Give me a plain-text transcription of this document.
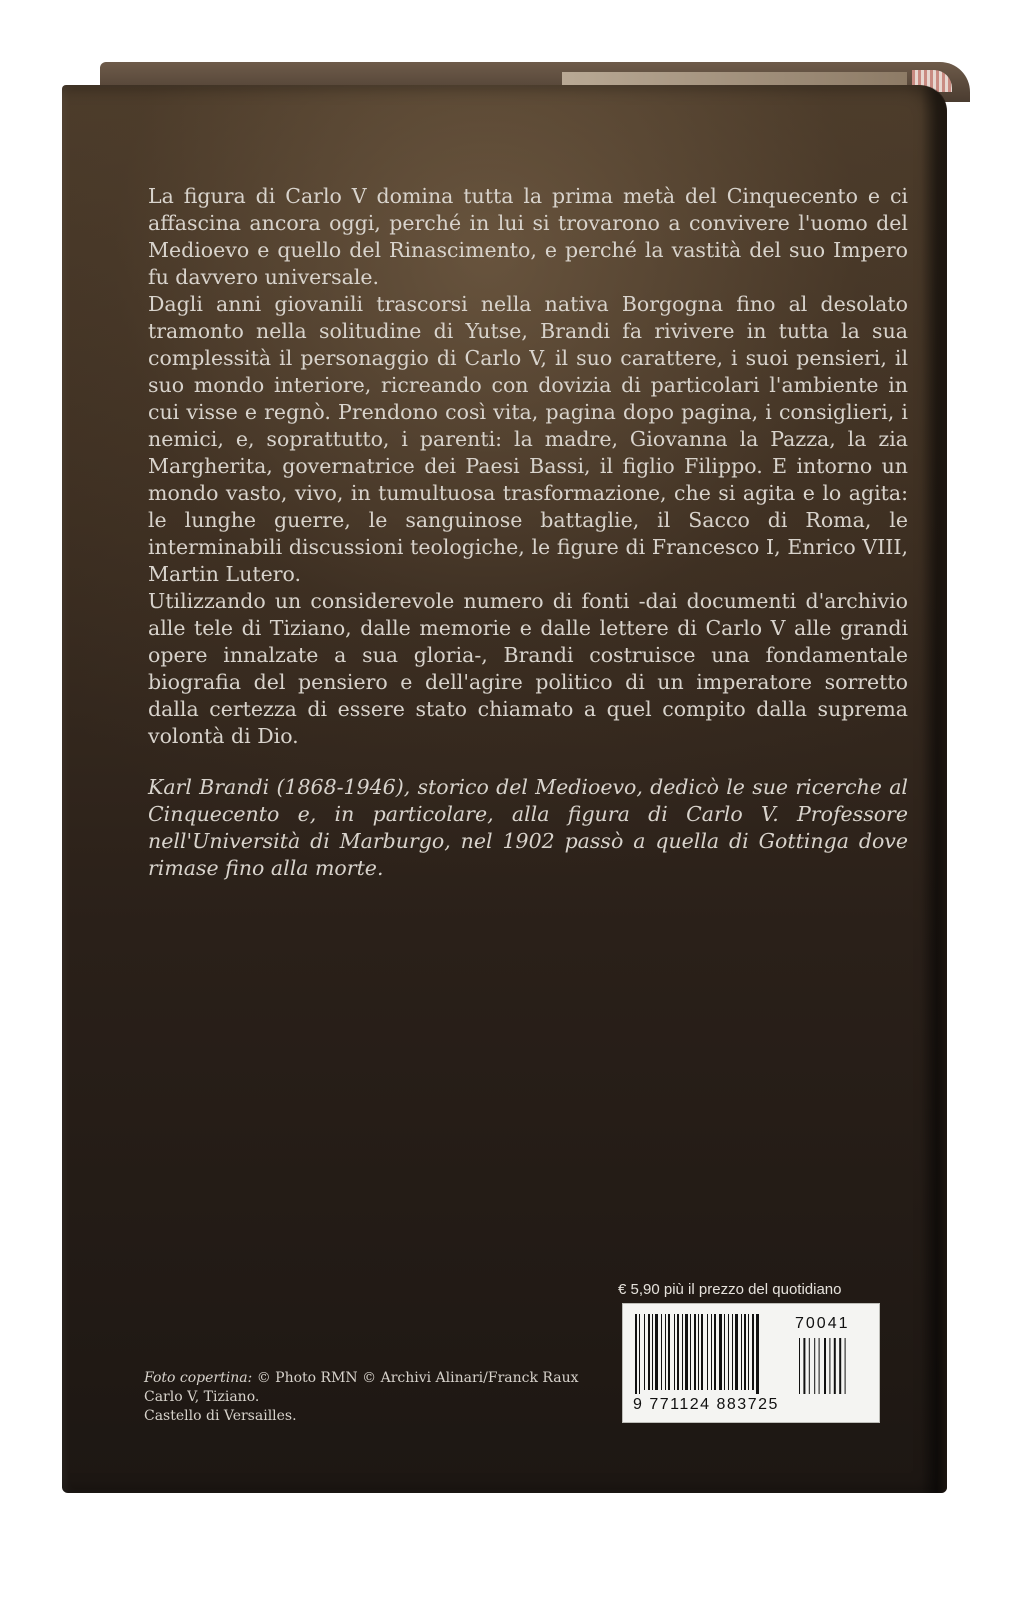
La figura di Carlo V domina tutta la prima metà del Cinquecento e ci affascina ancora oggi, perché in lui si trovarono a convivere l'uomo del Medioevo e quello del Rinascimento, e perché la vastità del suo Impero fu davvero universale.

Dagli anni giovanili trascorsi nella nativa Borgogna fino al desolato tramonto nella solitudine di Yutse, Brandi fa rivivere in tutta la sua complessità il personaggio di Carlo V, il suo carattere, i suoi pensieri, il suo mondo interiore, ricreando con dovizia di particolari l'ambiente in cui visse e regnò. Prendono così vita, pagina dopo pagina, i consiglieri, i nemici, e, soprattutto, i parenti: la madre, Giovanna la Pazza, la zia Margherita, governatrice dei Paesi Bassi, il figlio Filippo. E intorno un mondo vasto, vivo, in tumultuosa trasformazione, che si agita e lo agita: le lunghe guerre, le sanguinose battaglie, il Sacco di Roma, le interminabili discussioni teologiche, le figure di Francesco I, Enrico VIII, Martin Lutero.

Utilizzando un considerevole numero di fonti -dai documenti d'archivio alle tele di Tiziano, dalle memorie e dalle lettere di Carlo V alle grandi opere innalzate a sua gloria-, Brandi costruisce una fondamentale biografia del pensiero e dell'agire politico di un imperatore sorretto dalla certezza di essere stato chiamato a quel compito dalla suprema volontà di Dio.

Karl Brandi (1868-1946), storico del Medioevo, dedicò le sue ricerche al Cinquecento e, in particolare, alla figura di Carlo V. Professore nell'Università di Marburgo, nel 1902 passò a quella di Gottinga dove rimase fino alla morte.

€ 5,90 più il prezzo del quotidiano
70041
9 771124 883725
Foto copertina: © Photo RMN © Archivi Alinari/Franck Raux
Carlo V, Tiziano.
Castello di Versailles.
